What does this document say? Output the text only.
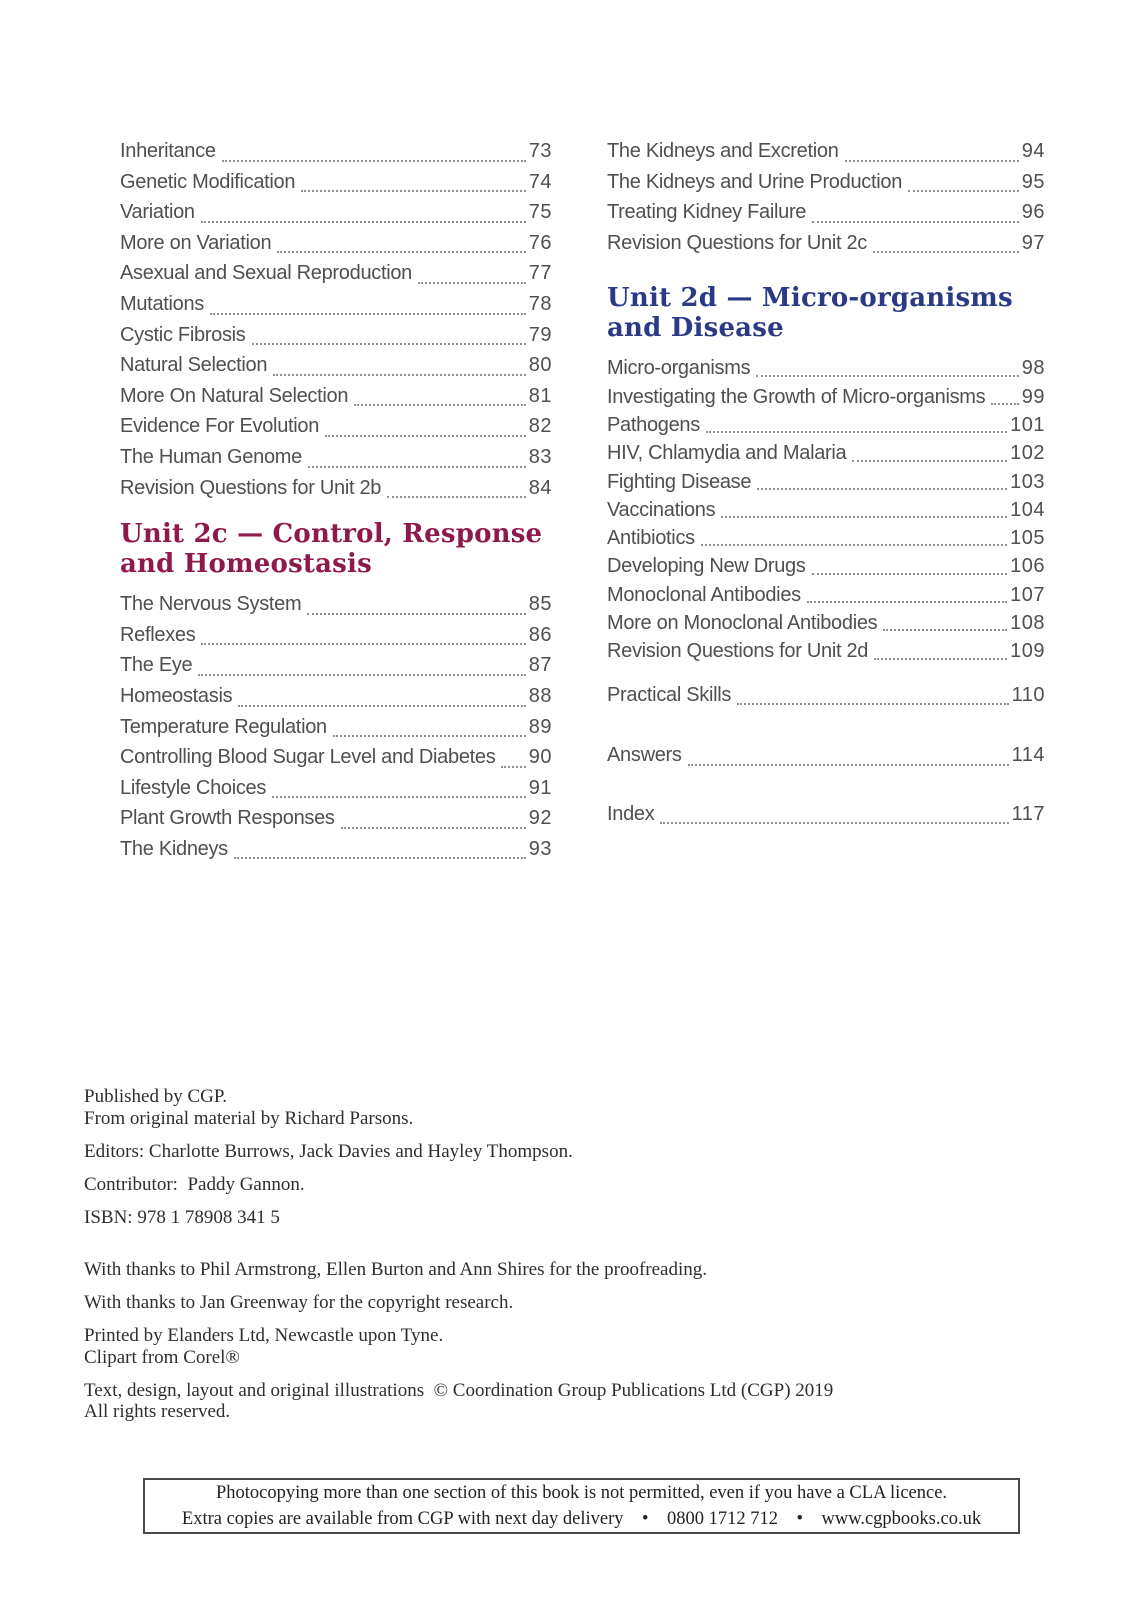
Inheritance	73
Genetic Modification	74
Variation	75
More on Variation	76
Asexual and Sexual Reproduction	77
Mutations	78
Cystic Fibrosis	79
Natural Selection	80
More On Natural Selection	81
Evidence For Evolution	82
The Human Genome	83
Revision Questions for Unit 2b	84
Unit 2c — Control, Response
and Homeostasis
The Nervous System	85
Reflexes	86
The Eye	87
Homeostasis	88
Temperature Regulation	89
Controlling Blood Sugar Level and Diabetes 90
Lifestyle Choices	91
Plant Growth Responses	92
The Kidneys	93
The Kidneys and Excretion	94
The Kidneys and Urine Production	95
Treating Kidney Failure	96
Revision Questions for Unit 2c	97
Unit 2d — Micro-organisms
and Disease
Micro-organisms	98
Investigating the Growth of Micro-organisms 99
Pathogens	101
HIV, Chlamydia and Malaria	102
Fighting Disease	103
Vaccinations	104
Antibiotics	105
Developing New Drugs	106
Monoclonal Antibodies	107
More on Monoclonal Antibodies	108
Revision Questions for Unit 2d	109
Practical Skills	110
Answers	114
Index	117

Published by CGP.
From original material by Richard Parsons.

Editors: Charlotte Burrows, Jack Davies and Hayley Thompson.

Contributor: Paddy Gannon.

ISBN: 978 1 78908 341 5

With thanks to Phil Armstrong, Ellen Burton and Ann Shires for the proofreading.

With thanks to Jan Greenway for the copyright research.

Printed by Elanders Ltd, Newcastle upon Tyne.
Clipart from Corel®

Text, design, layout and original illustrations © Coordination Group Publications Ltd (CGP) 2019
All rights reserved.

Photocopying more than one section of this book is not permitted, even if you have a CLA licence.
Extra copies are available from CGP with next day delivery  •  0800 1712 712  •  www.cgpbooks.co.uk
